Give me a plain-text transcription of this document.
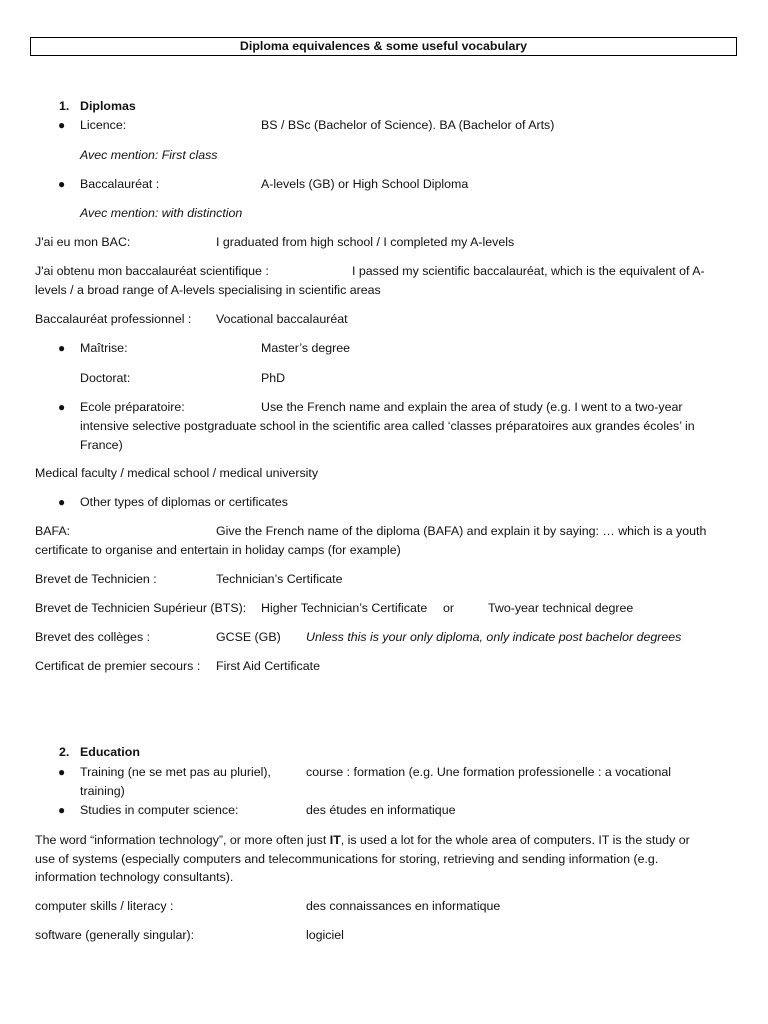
Diploma equivalences & some useful vocabulary
1. Diplomas
● Licence:	BS / BSc (Bachelor of Science). BA (Bachelor of Arts)
Avec mention: First class
● Baccalauréat :	A-levels (GB) or High School Diploma
Avec mention: with distinction
J'ai eu mon BAC:	I graduated from high school / I completed my A-levels
J'ai obtenu mon baccalauréat scientifique :	I passed my scientific baccalauréat, which is the equivalent of A-
levels / a broad range of A-levels specialising in scientific areas
Baccalauréat professionnel : Vocational baccalauréat
● Maîtrise:	Master’s degree
Doctorat:	PhD
● Ecole préparatoire:	Use the French name and explain the area of study (e.g. I went to a two-year
intensive selective postgraduate school in the scientific area called ‘classes préparatoires aux grandes écoles’ in
France)
Medical faculty / medical school / medical university
● Other types of diplomas or certificates
BAFA:	Give the French name of the diploma (BAFA) and explain it by saying: … which is a youth
certificate to organise and entertain in holiday camps (for example)
Brevet de Technicien :	Technician’s Certificate
Brevet de Technicien Supérieur (BTS): Higher Technician’s Certificate or	Two-year technical degree
Brevet des collèges :	GCSE (GB) Unless this is your only diploma, only indicate post bachelor degrees
Certificat de premier secours : First Aid Certificate
2. Education
● Training (ne se met pas au pluriel),	course : formation (e.g. Une formation professionelle : a vocational
training)
● Studies in computer science:	des études en informatique
The word “information technology”, or more often just IT, is used a lot for the whole area of computers. IT is the study or
use of systems (especially computers and telecommunications for storing, retrieving and sending information (e.g.
information technology consultants).
computer skills / literacy :	des connaissances en informatique
software (generally singular):	logiciel
